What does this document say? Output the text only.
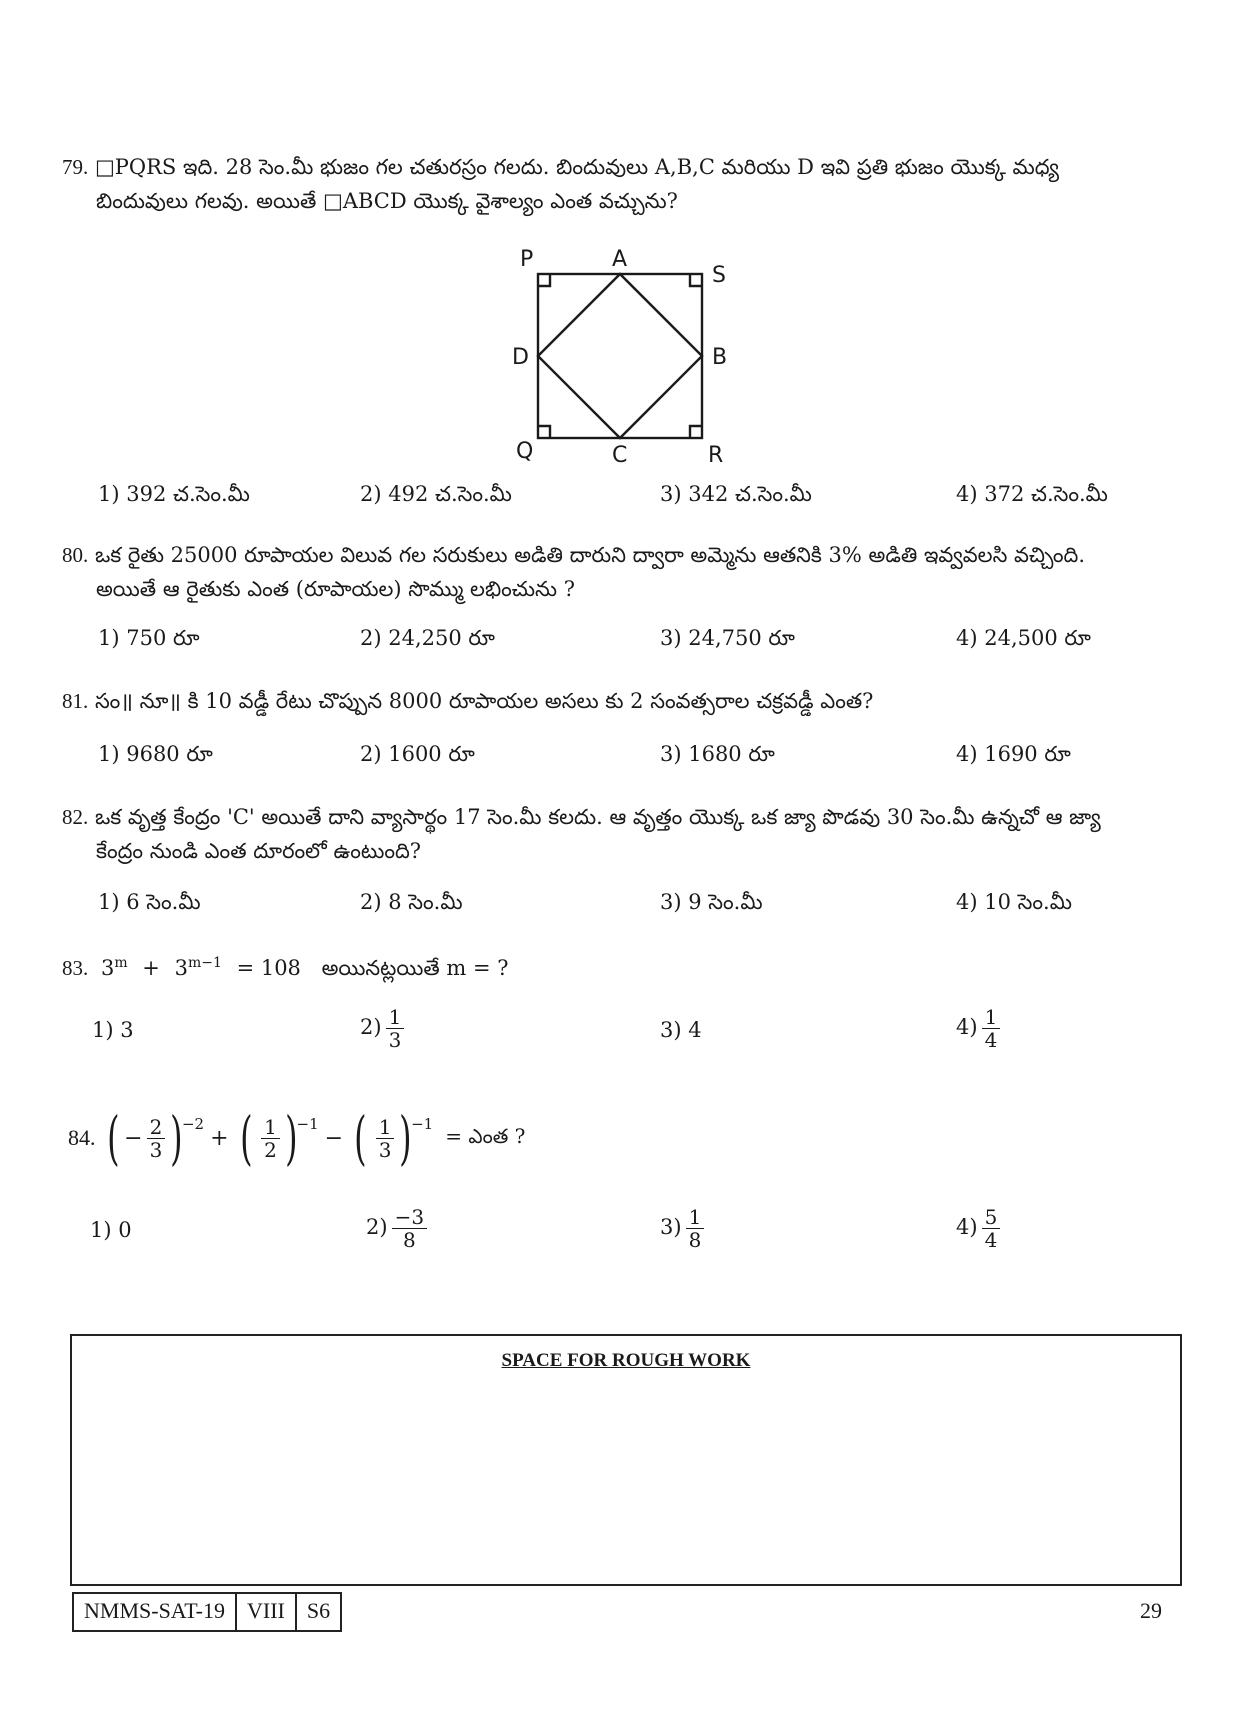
79. □PQRS ఇది. 28 సెం.మీ భుజం గల చతురస్రం గలదు. బిందువులు A,B,C మరియు D ఇవి ప్రతి భుజం యొక్క మధ్య
బిందువులు గలవు. అయితే □ABCD యొక్క వైశాల్యం ఎంత వచ్చును?
P	A
S
D	B
Q	C	R
1) 392 చ.సెం.మీ	2) 492 చ.సెం.మీ	3) 342 చ.సెం.మీ	4) 372 చ.సెం.మీ
80. ఒక రైతు 25000 రూపాయల విలువ గల సరుకులు అడితి దారుని ద్వారా అమ్మెను ఆతనికి 3% అడితి ఇవ్వవలసి వచ్చింది.
అయితే ఆ రైతుకు ఎంత (రూపాయల) సొమ్ము లభించును ?
1) 750 రూ	2) 24,250 రూ	3) 24,750 రూ	4) 24,500 రూ
81. సం॥ నూ॥ కి 10 వడ్డీ రేటు చొప్పున 8000 రూపాయల అసలు కు 2 సంవత్సరాల చక్రవడ్డీ ఎంత?
1) 9680 రూ	2) 1600 రూ	3) 1680 రూ	4) 1690 రూ
82. ఒక వృత్త కేంద్రం 'C' అయితే దాని వ్యాసార్థం 17 సెం.మీ కలదు. ఆ వృత్తం యొక్క ఒక జ్యా పొడవు 30 సెం.మీ ఉన్నచో ఆ జ్యా
కేంద్రం నుండి ఎంత దూరంలో ఉంటుంది?
1) 6 సెం.మీ	2) 8 సెం.మీ	3) 9 సెం.మీ	4) 10 సెం.మీ
83. $3^m + 3^{m-1} = 108$ అయినట్లయితే m = ?
1) 3	$2) \frac{1}{3}$	3) 4	$4) \frac{1}{4}$
84. ( − $\frac{2}{3}$ ) −2
+ ( $\frac{1}{2}$ ) −1
− ( $\frac{1}{3}$ ) −1 = ఎంత ?
1) 0	$2) \frac{-3}{8}$	$3) \frac{1}{8}$	$4) \frac{5}{4}$
SPACE FOR ROUGH WORK
NMMS-SAT-19	VIII	S6	29
